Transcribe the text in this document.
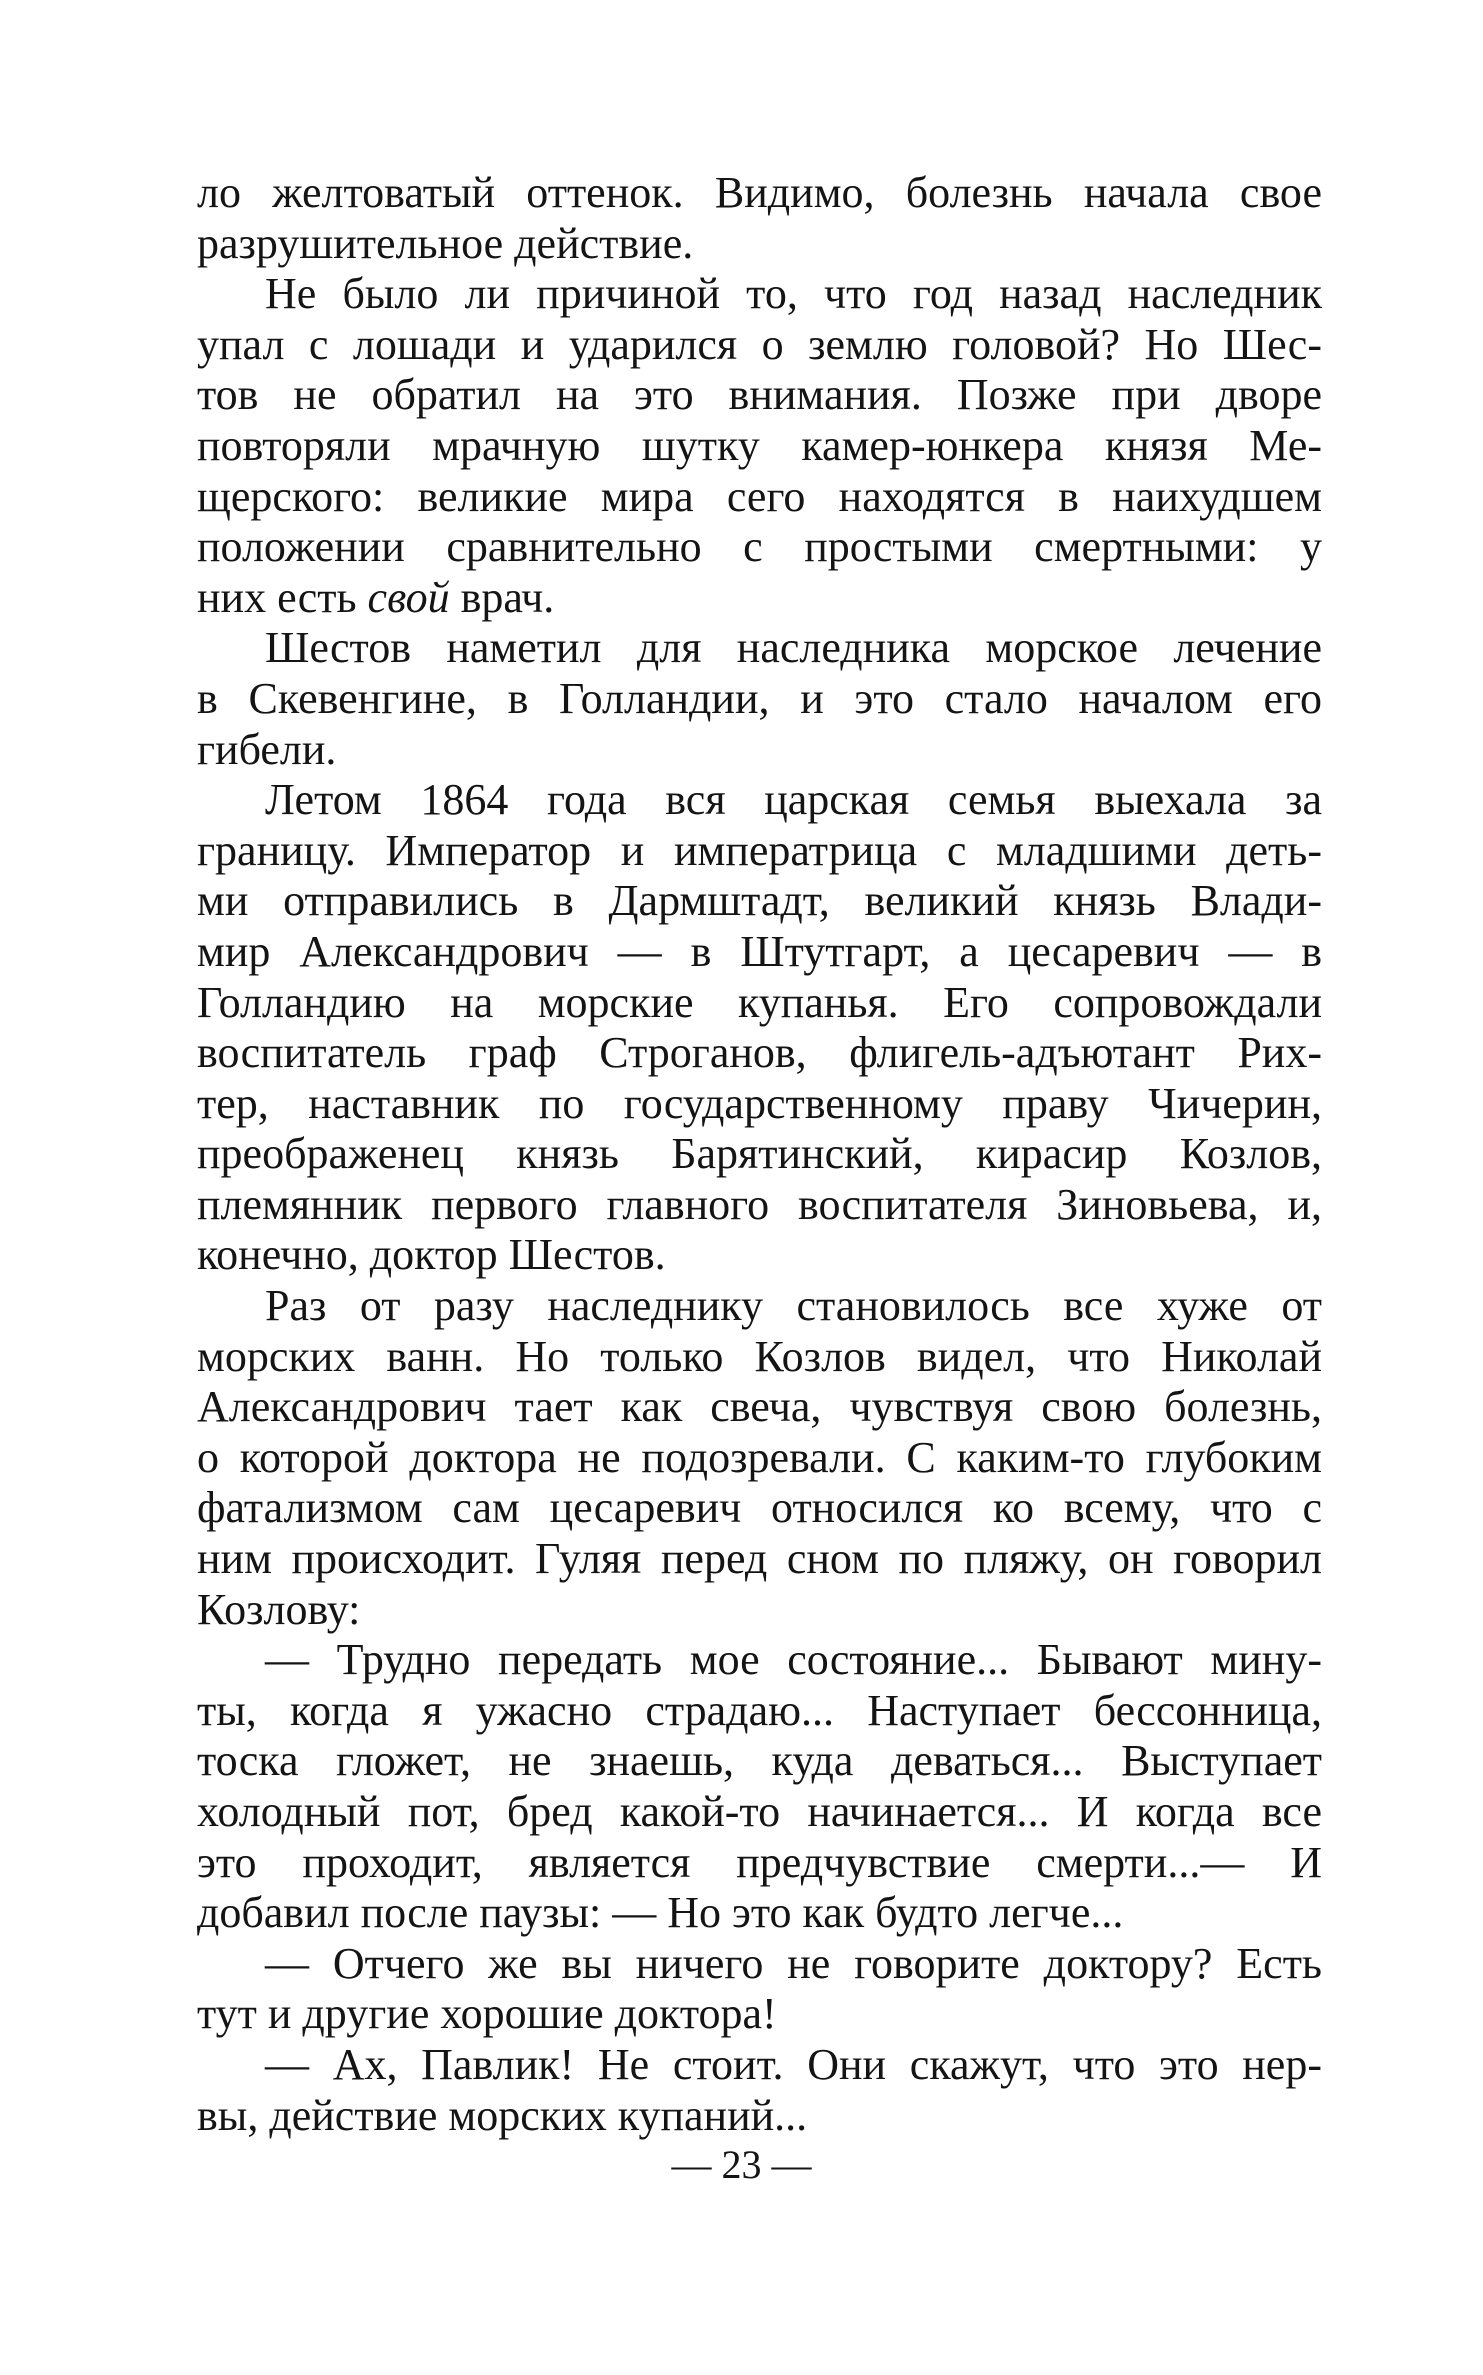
ло желтоватый оттенок. Видимо, болезнь начала свое
разрушительное действие.
Не было ли причиной то, что год назад наследник
упал с лошади и ударился о землю головой? Но Шес-
тов не обратил на это внимания. Позже при дворе
повторяли мрачную шутку камер-юнкера князя Ме-
щерского: великие мира сего находятся в наихудшем
положении сравнительно с простыми смертными: у
них есть свой врач.
Шестов наметил для наследника морское лечение
в Скевенгине, в Голландии, и это стало началом его
гибели.
Летом 1864 года вся царская семья выехала за
границу. Император и императрица с младшими деть-
ми отправились в Дармштадт, великий князь Влади-
мир Александрович — в Штутгарт, а цесаревич — в
Голландию на морские купанья. Его сопровождали
воспитатель граф Строганов, флигель-адъютант Рих-
тер, наставник по государственному праву Чичерин,
преображенец князь Барятинский, кирасир Козлов,
племянник первого главного воспитателя Зиновьева, и,
конечно, доктор Шестов.
Раз от разу наследнику становилось все хуже от
морских ванн. Но только Козлов видел, что Николай
Александрович тает как свеча, чувствуя свою болезнь,
о которой доктора не подозревали. С каким-то глубоким
фатализмом сам цесаревич относился ко всему, что с
ним происходит. Гуляя перед сном по пляжу, он говорил
Козлову:
— Трудно передать мое состояние... Бывают мину-
ты, когда я ужасно страдаю... Наступает бессонница,
тоска гложет, не знаешь, куда деваться... Выступает
холодный пот, бред какой-то начинается... И когда все
это проходит, является предчувствие смерти...— И
добавил после паузы: — Но это как будто легче...
— Отчего же вы ничего не говорите доктору? Есть
тут и другие хорошие доктора!
— Ах, Павлик! Не стоит. Они скажут, что это нер-
вы, действие морских купаний...
— 23 —
